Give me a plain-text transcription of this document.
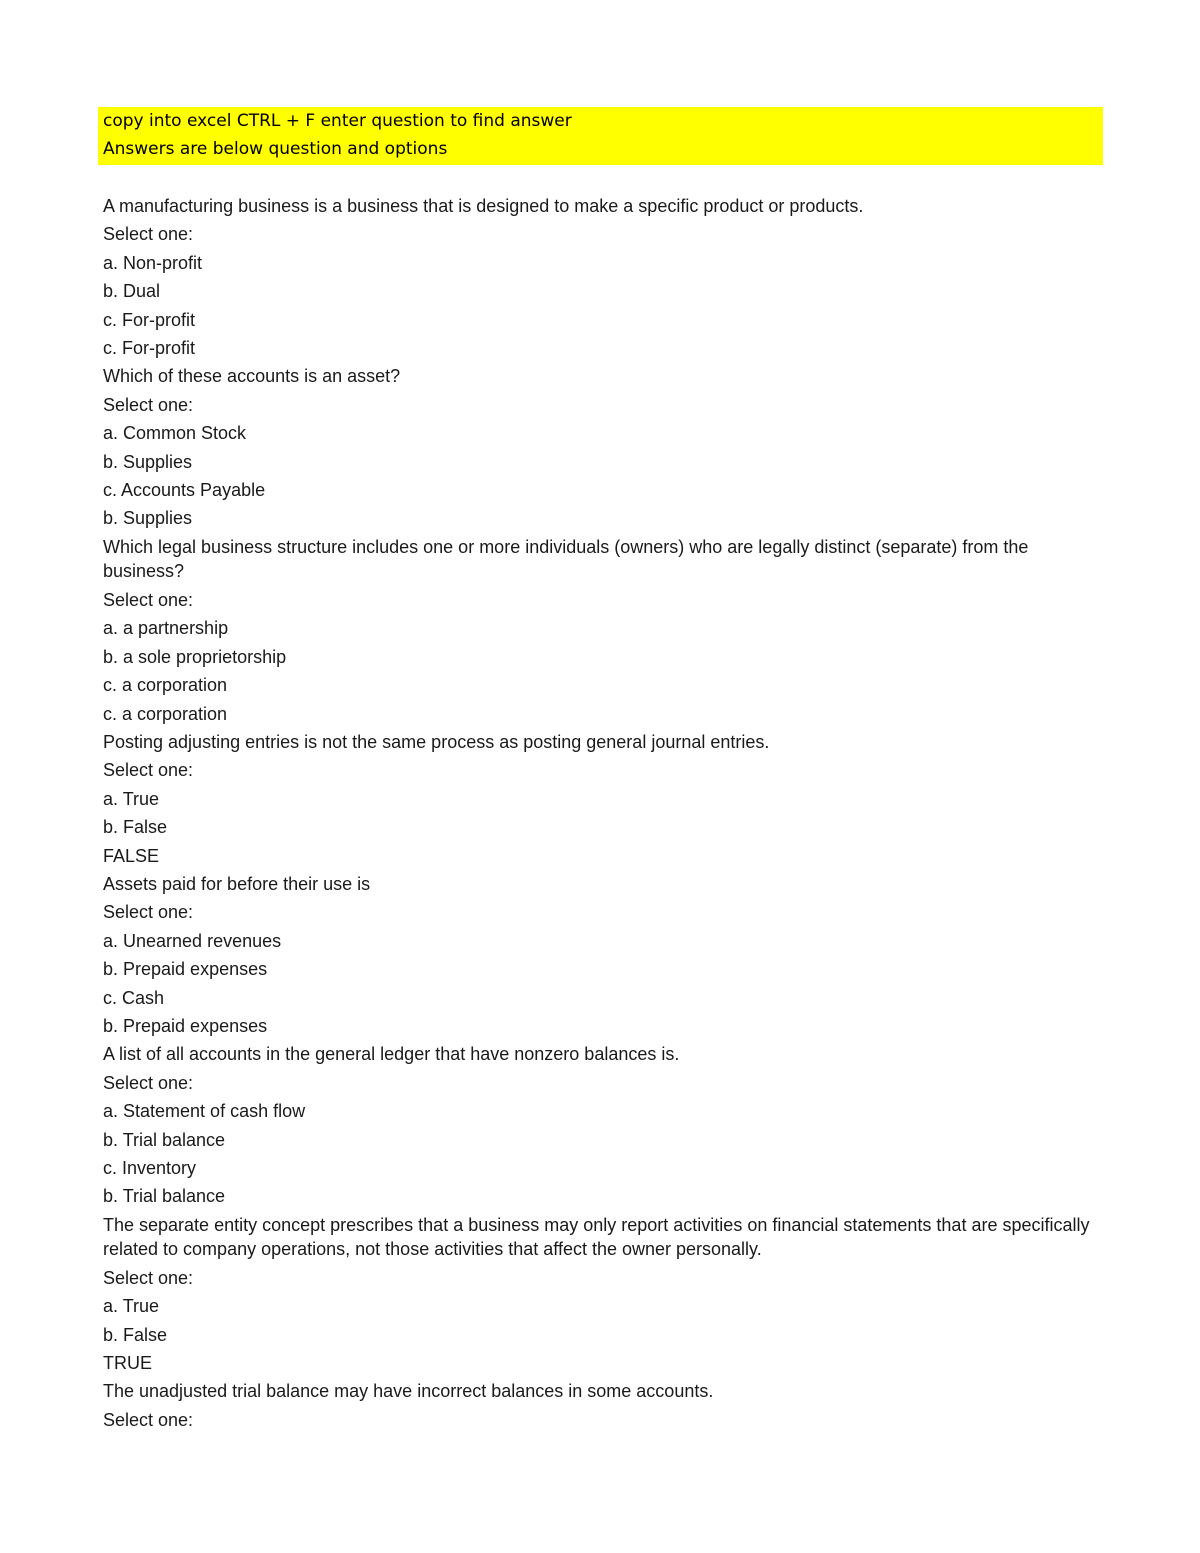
copy into excel CTRL + F enter question to find answer
Answers are below question and options
A manufacturing business is a business that is designed to make a specific product or products.
Select one:
a. Non-profit
b. Dual
c. For-profit
c. For-profit
Which of these accounts is an asset?
Select one:
a. Common Stock
b. Supplies
c. Accounts Payable
b. Supplies
Which legal business structure includes one or more individuals (owners) who are legally distinct (separate) from the business?
Select one:
a. a partnership
b. a sole proprietorship
c. a corporation
c. a corporation
Posting adjusting entries is not the same process as posting general journal entries.
Select one:
a. True
b. False
FALSE
Assets paid for before their use is
Select one:
a. Unearned revenues
b. Prepaid expenses
c. Cash
b. Prepaid expenses
A list of all accounts in the general ledger that have nonzero balances is.
Select one:
a. Statement of cash flow
b. Trial balance
c. Inventory
b. Trial balance
The separate entity concept prescribes that a business may only report activities on financial statements that are specifically related to company operations, not those activities that affect the owner personally.
Select one:
a. True
b. False
TRUE
The unadjusted trial balance may have incorrect balances in some accounts.
Select one:
